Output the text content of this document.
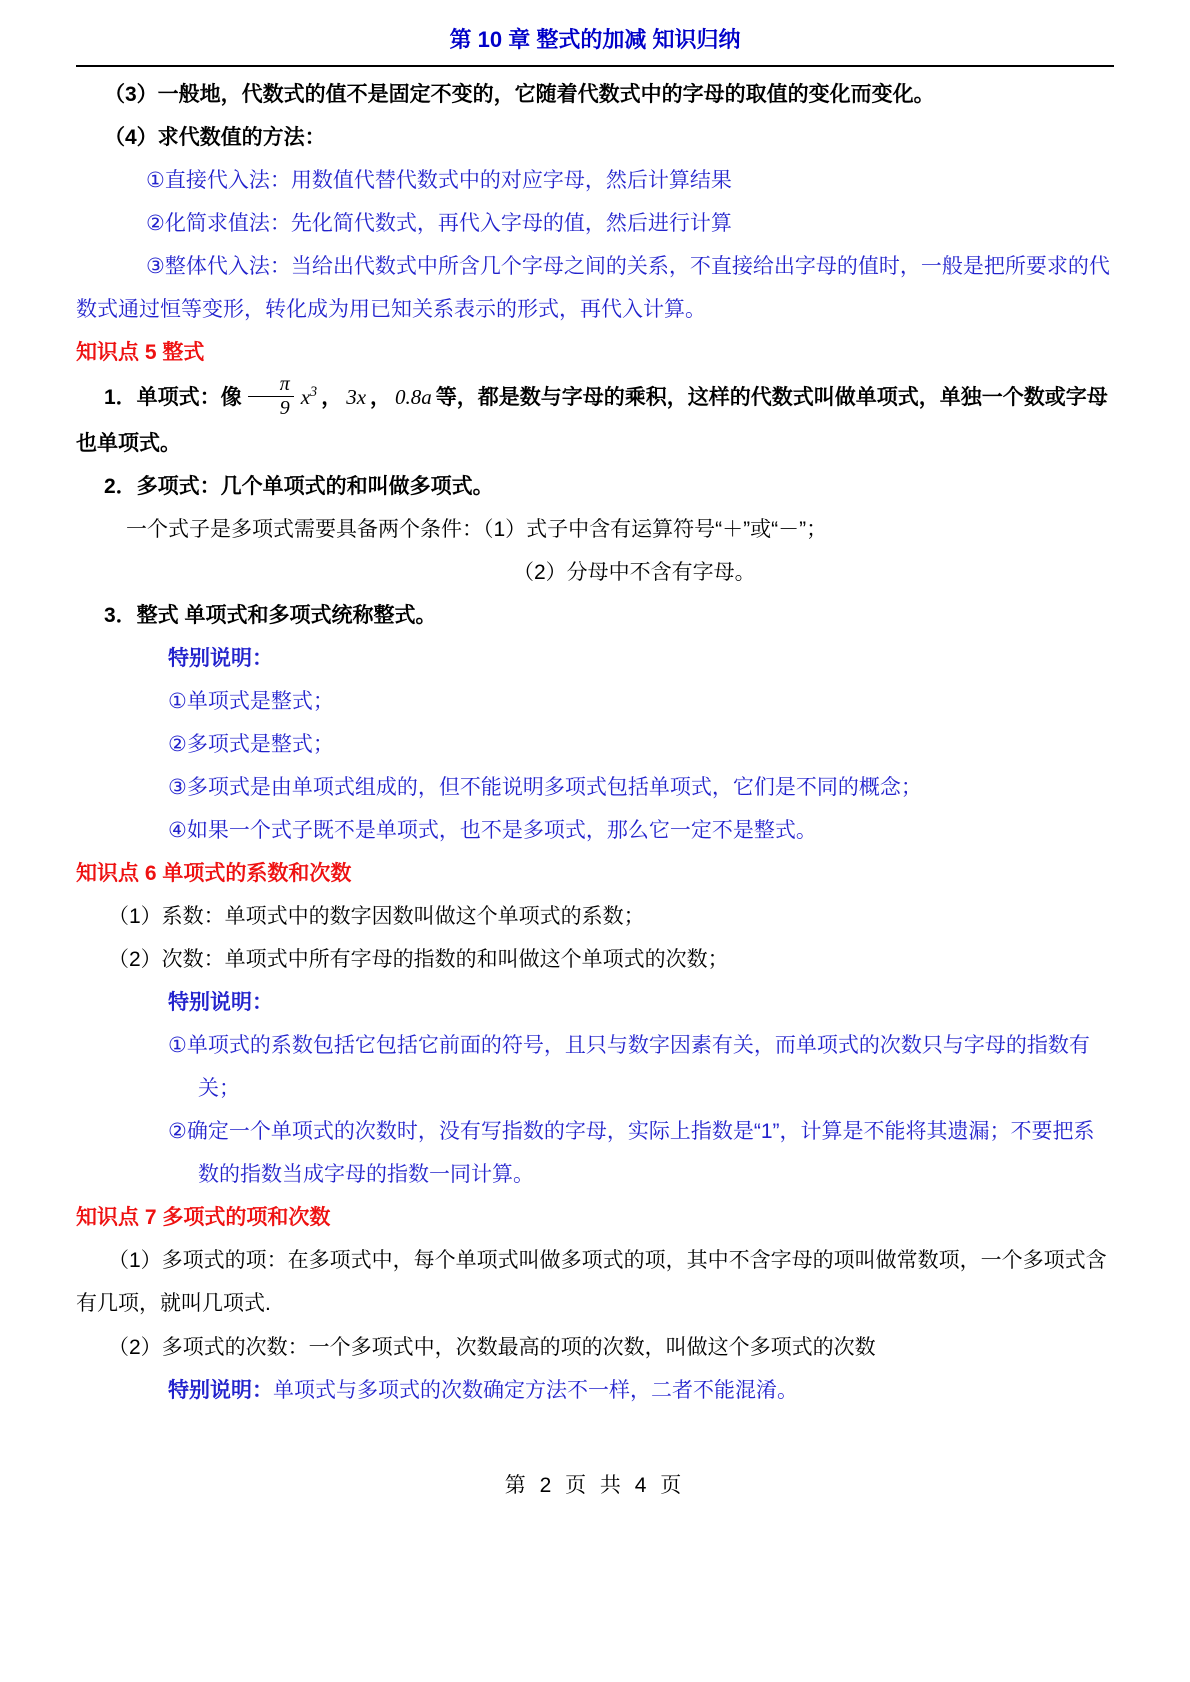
第 10 章 整式的加减 知识归纳

（3）一般地，代数式的值不是固定不变的，它随着代数式中的字母的取值的变化而变化。

（4）求代数值的方法：

①直接代入法：用数值代替代数式中的对应字母，然后计算结果

②化简求值法：先化简代数式，再代入字母的值，然后进行计算

③整体代入法：当给出代数式中所含几个字母之间的关系，不直接给出字母的值时，一般是把所要求的代数式通过恒等变形，转化成为用已知关系表示的形式，再代入计算。

知识点 5 整式

1．单项式：像 $\frac{\pi}{9} x^3$ ， 3x ， 0.8a 等，都是数与字母的乘积，这样的代数式叫做单项式，单独一个数或字母也单项式。

2．多项式：几个单项式的和叫做多项式。

一个式子是多项式需要具备两个条件：（1）式子中含有运算符号“＋”或“－”；

（2）分母中不含有字母。

3．整式 单项式和多项式统称整式。

特别说明：

①单项式是整式；

②多项式是整式；

③多项式是由单项式组成的，但不能说明多项式包括单项式，它们是不同的概念；

④如果一个式子既不是单项式，也不是多项式，那么它一定不是整式。

知识点 6 单项式的系数和次数

（1）系数：单项式中的数字因数叫做这个单项式的系数；

（2）次数：单项式中所有字母的指数的和叫做这个单项式的次数；

特别说明：

①单项式的系数包括它包括它前面的符号，且只与数字因素有关，而单项式的次数只与字母的指数有关；

②确定一个单项式的次数时，没有写指数的字母，实际上指数是“1”，计算是不能将其遗漏；不要把系数的指数当成字母的指数一同计算。

知识点 7 多项式的项和次数

（1）多项式的项：在多项式中，每个单项式叫做多项式的项，其中不含字母的项叫做常数项，一个多项式含有几项，就叫几项式.

（2）多项式的次数：一个多项式中，次数最高的项的次数，叫做这个多项式的次数

特别说明：单项式与多项式的次数确定方法不一样，二者不能混淆。

第 2 页 共 4 页
